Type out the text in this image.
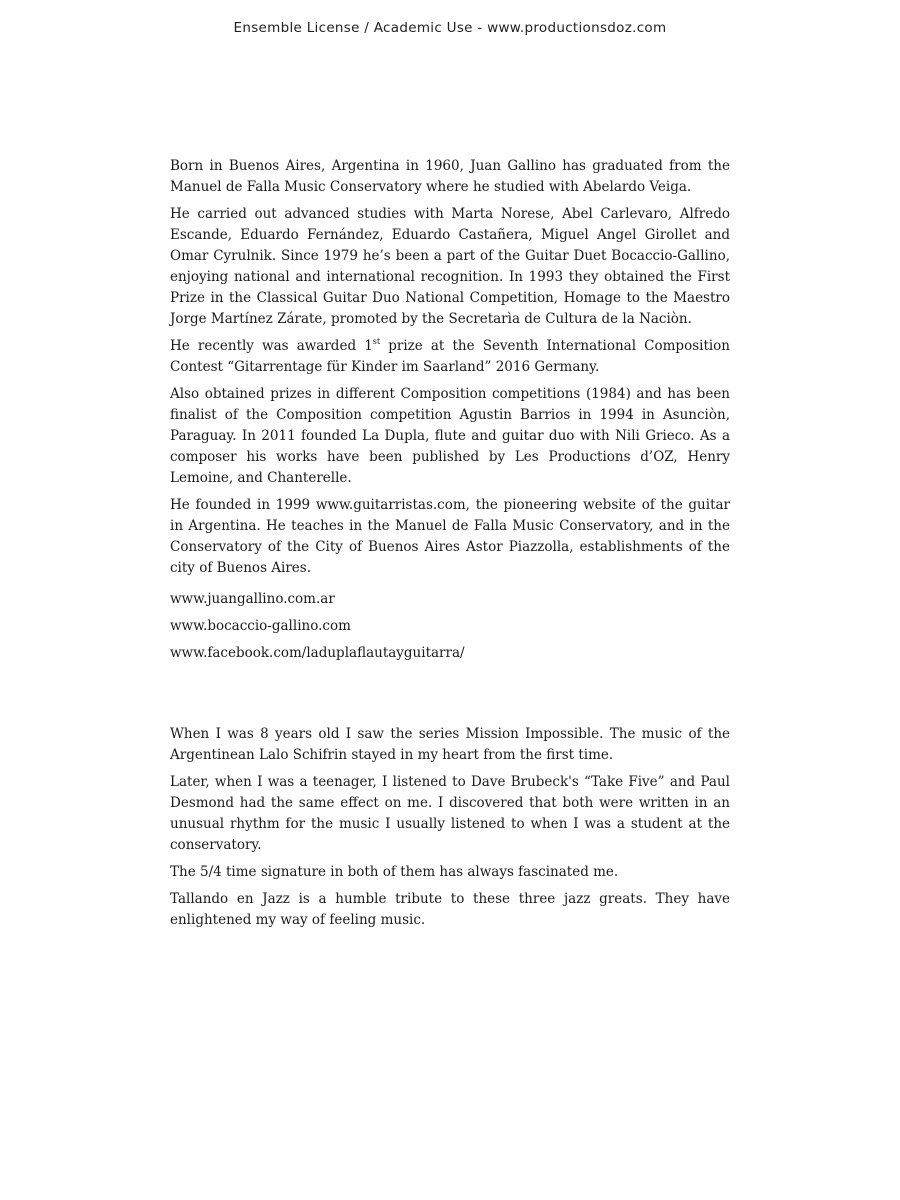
Ensemble License / Academic Use - www.productionsdoz.com

Born in Buenos Aires, Argentina in 1960, Juan Gallino has graduated from the Manuel de Falla Music Conservatory where he studied with Abelardo Veiga.

He carried out advanced studies with Marta Norese, Abel Carlevaro, Alfredo Escande, Eduardo Fernández, Eduardo Castañera, Miguel Angel Girollet and Omar Cyrulnik. Since 1979 he’s been a part of the Guitar Duet Bocaccio-Gallino, enjoying national and international recognition. In 1993 they obtained the First Prize in the Classical Guitar Duo National Competition, Homage to the Maestro Jorge Martínez Zárate, promoted by the Secretarìa de Cultura de la Naciòn.

He recently was awarded 1st prize at the Seventh International Composition Contest “Gitarrentage für Kinder im Saarland” 2016 Germany.

Also obtained prizes in different Composition competitions (1984) and has been finalist of the Composition competition Agustin Barrios in 1994 in Asunciòn, Paraguay. In 2011 founded La Dupla, flute and guitar duo with Nili Grieco. As a composer his works have been published by Les Productions d’OZ, Henry Lemoine, and Chanterelle.

He founded in 1999 www.guitarristas.com, the pioneering website of the guitar in Argentina. He teaches in the Manuel de Falla Music Conservatory, and in the Conservatory of the City of Buenos Aires Astor Piazzolla, establishments of the city of Buenos Aires.

www.juangallino.com.ar

www.bocaccio-gallino.com

www.facebook.com/laduplaflautayguitarra/

When I was 8 years old I saw the series Mission Impossible. The music of the Argentinean Lalo Schifrin stayed in my heart from the first time.

Later, when I was a teenager, I listened to Dave Brubeck's “Take Five” and Paul Desmond had the same effect on me. I discovered that both were written in an unusual rhythm for the music I usually listened to when I was a student at the conservatory.

The 5/4 time signature in both of them has always fascinated me.

Tallando en Jazz is a humble tribute to these three jazz greats. They have enlightened my way of feeling music.
